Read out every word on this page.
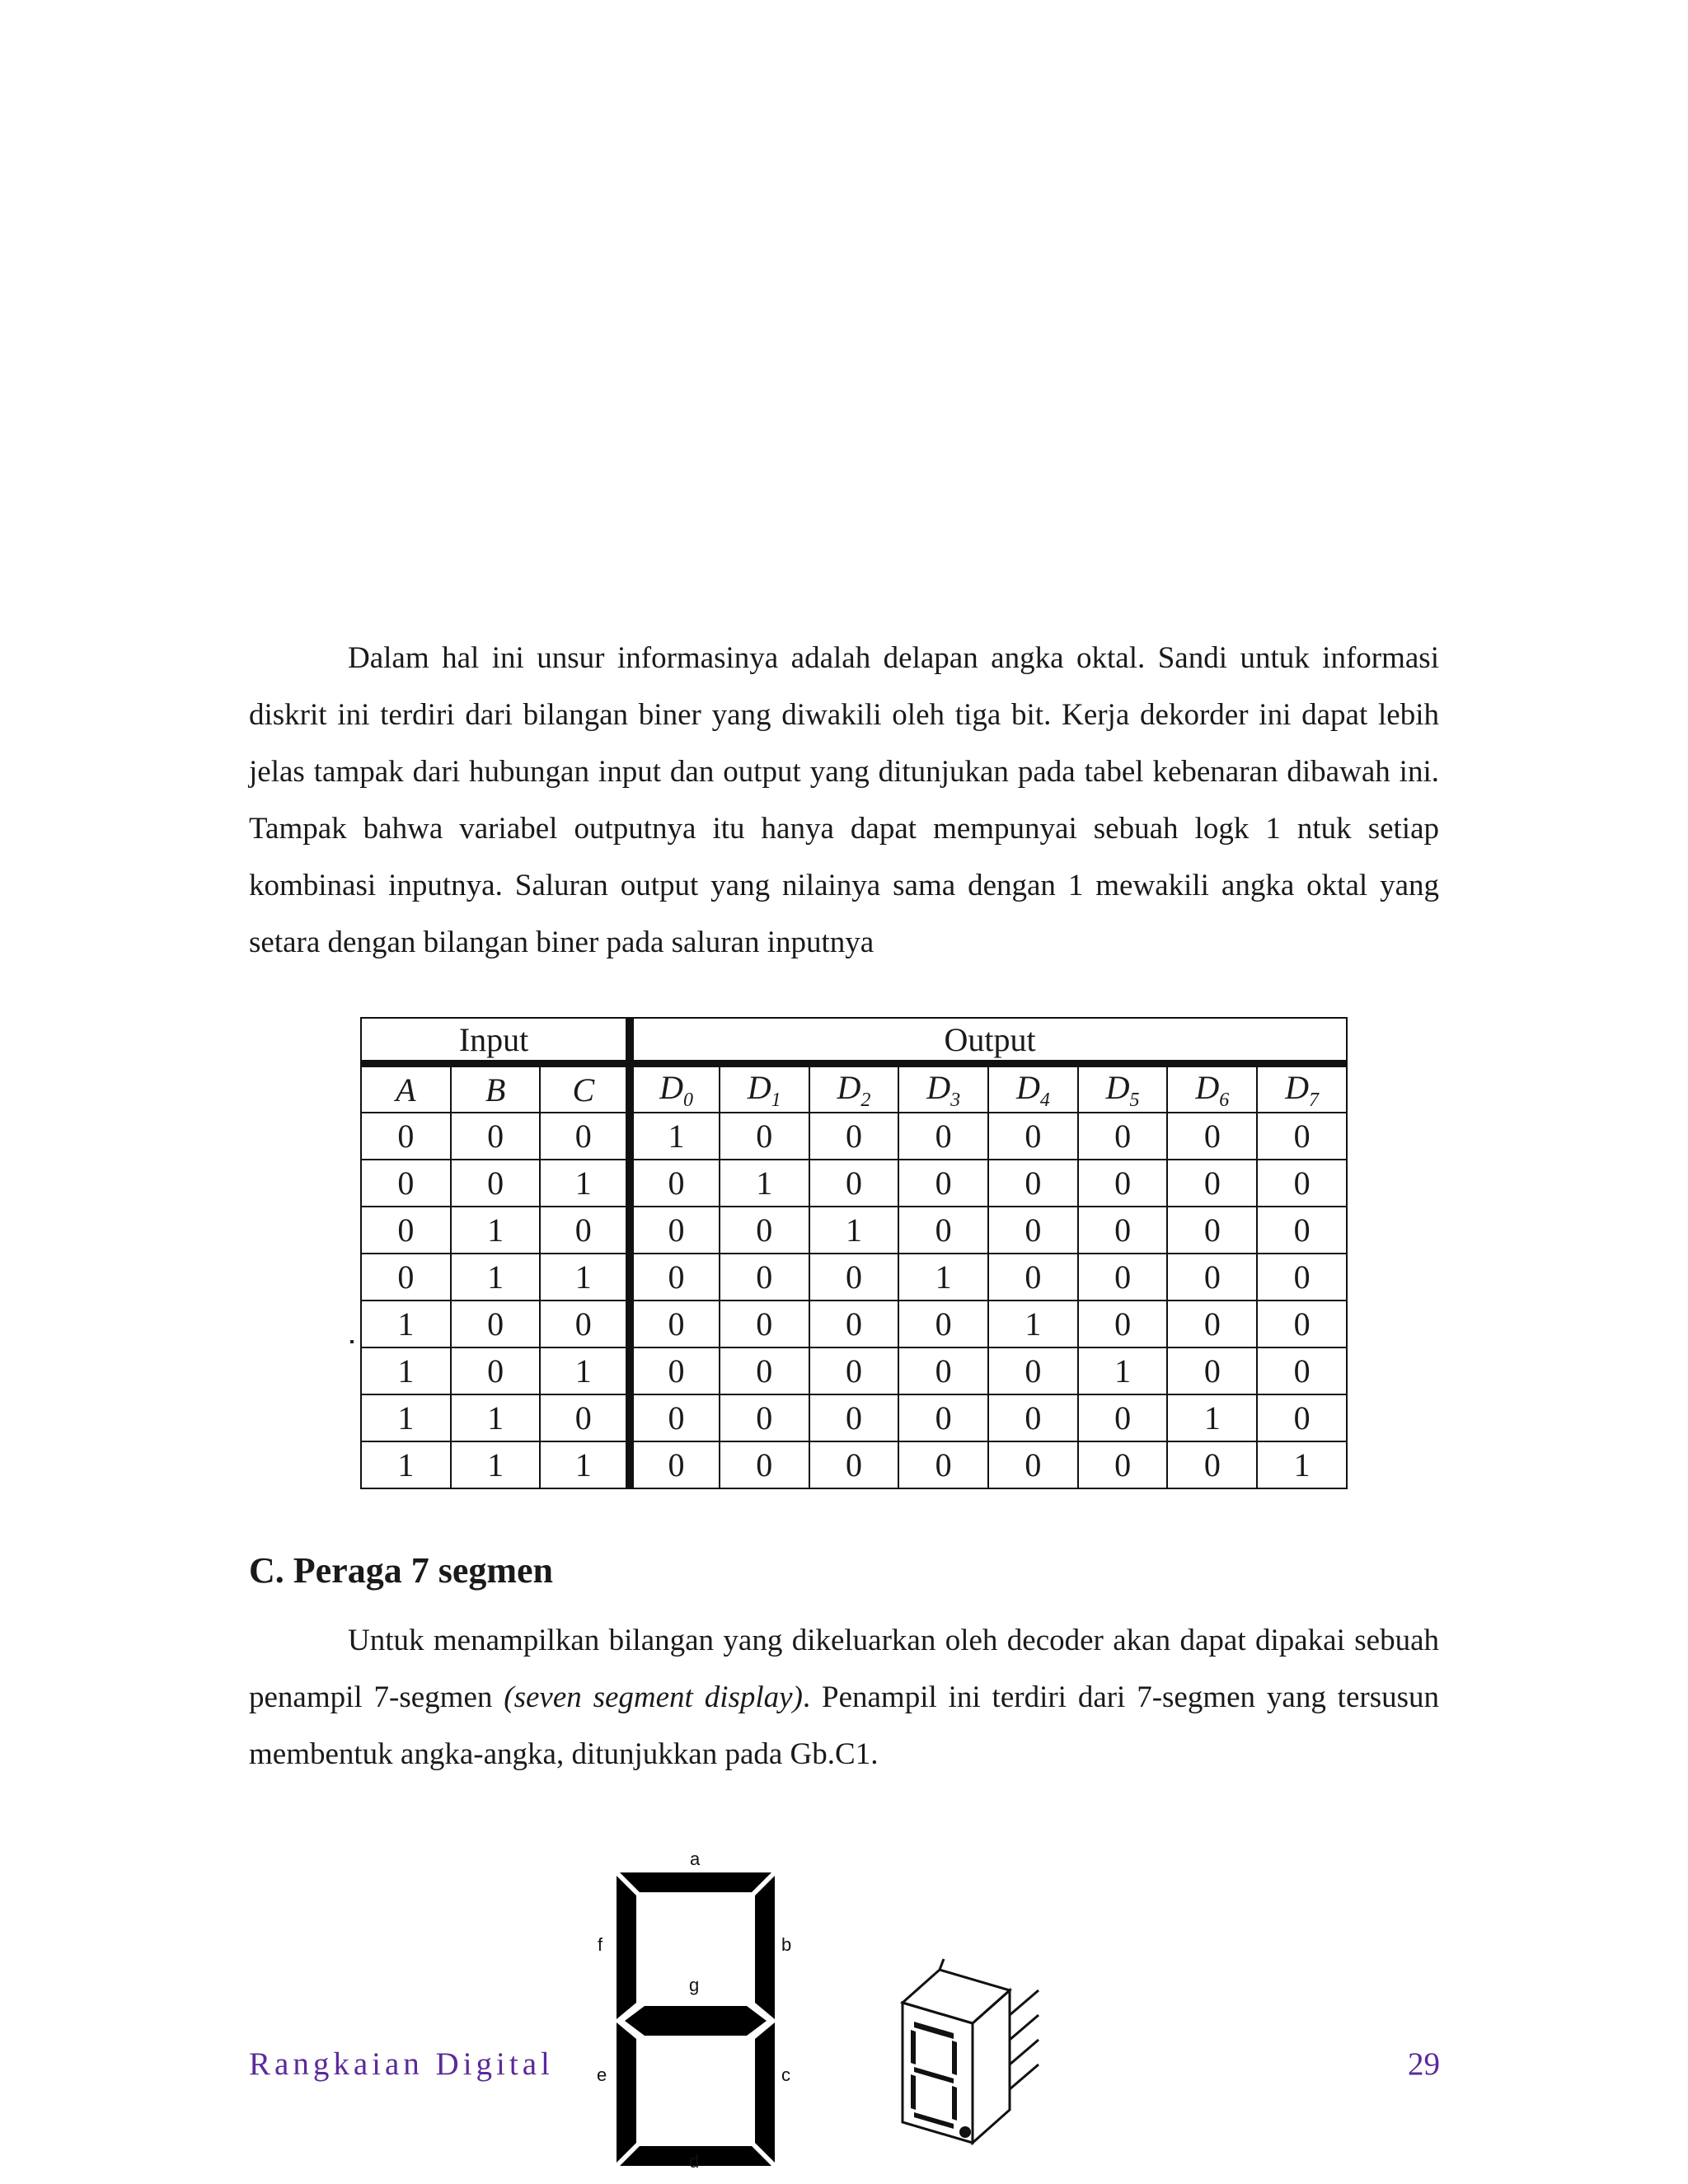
Dalam hal ini unsur informasinya adalah delapan angka oktal. Sandi untuk informasi diskrit ini terdiri dari bilangan biner yang diwakili oleh tiga bit. Kerja dekorder ini dapat lebih jelas tampak dari hubungan input dan output yang ditunjukan pada tabel kebenaran dibawah ini. Tampak bahwa variabel outputnya itu hanya dapat mempunyai sebuah logk 1 ntuk setiap kombinasi inputnya. Saluran output yang nilainya sama dengan 1 mewakili angka oktal yang setara dengan bilangan biner pada saluran inputnya

Input			Output							
A	B	C	$D_0$	$D_1$	$D_2$	$D_3$	$D_4$	$D_5$	$D_6$	$D_7$
0	0	0	1	0	0	0	0	0	0	0
0	0	1	0	1	0	0	0	0	0	0
0	1	0	0	0	1	0	0	0	0	0
0	1	1	0	0	0	1	0	0	0	0
1	0	0	0	0	0	0	1	0	0	0
1	0	1	0	0	0	0	0	1	0	0
1	1	0	0	0	0	0	0	0	1	0
1	1	1	0	0	0	0	0	0	0	1
C. Peraga 7 segmen

Untuk menampilkan bilangan yang dikeluarkan oleh decoder akan dapat dipakai sebuah penampil 7-segmen (seven segment display). Penampil ini terdiri dari 7-segmen yang tersusun membentuk angka-angka, ditunjukkan pada Gb.C1.

a
f	b
g
e	c
d
Rangkaian Digital	29
